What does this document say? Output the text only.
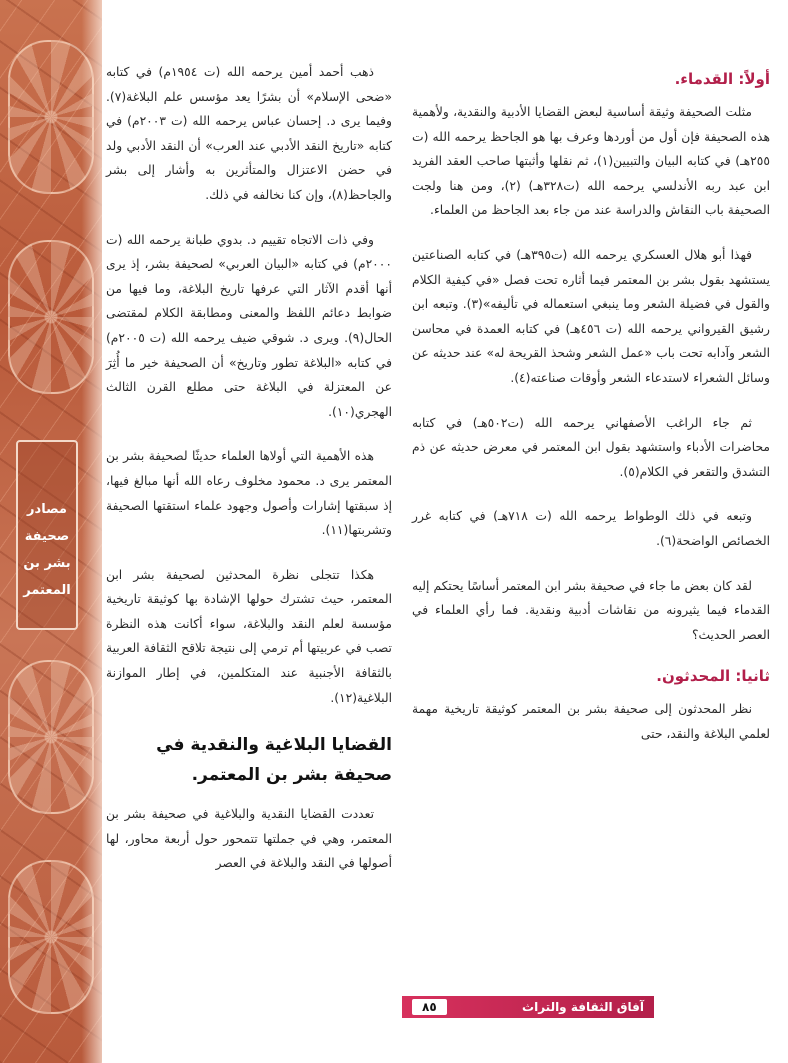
مصادر
صحيفة
بشر بن
المعتمر
أولاً: القدماء.

مثلت الصحيفة وثيقة أساسية لبعض القضايا الأدبية والنقدية، ولأهمية هذه الصحيفة فإن أول من أوردها وعرف بها هو الجاحظ يرحمه الله (ت ٢٥٥هـ) في كتابه البيان والتبيين(١)، ثم نقلها وأثبتها صاحب العقد الفريد ابن عبد ربه الأندلسي يرحمه الله (ت٣٢٨هـ) (٢)، ومن هنا ولجت الصحيفة باب النقاش والدراسة عند من جاء بعد الجاحظ من العلماء.

فهذا أبو هلال العسكري يرحمه الله (ت٣٩٥هـ) في كتابه الصناعتين يستشهد بقول بشر بن المعتمر فيما أثاره تحت فصل «في كيفية الكلام والقول في فضيلة الشعر وما ينبغي استعماله في تأليفه»(٣). وتبعه ابن رشيق القيرواني يرحمه الله (ت ٤٥٦هـ) في كتابه العمدة في محاسن الشعر وآدابه تحت باب «عمل الشعر وشحذ القريحة له» عند حديثه عن وسائل الشعراء لاستدعاء الشعر وأوقات صناعته(٤).

ثم جاء الراغب الأصفهاني يرحمه الله (ت٥٠٢هـ) في كتابه محاضرات الأدباء واستشهد بقول ابن المعتمر في معرض حديثه عن ذم التشدق والتقعر في الكلام(٥).

وتبعه في ذلك الوطواط يرحمه الله (ت ٧١٨هـ) في كتابه غرر الخصائص الواضحة(٦).

لقد كان بعض ما جاء في صحيفة بشر ابن المعتمر أساسًا يحتكم إليه القدماء فيما يثيرونه من نقاشات أدبية ونقدية. فما رأي العلماء في العصر الحديث؟

ثانيا: المحدثون.

نظر المحدثون إلى صحيفة بشر بن المعتمر كوثيقة تاريخية مهمة لعلمي البلاغة والنقد، حتى

ذهب أحمد أمين يرحمه الله (ت ١٩٥٤م) في كتابه «ضحى الإسلام» أن بشرًا يعد مؤسس علم البلاغة(٧). وفيما يرى د. إحسان عباس يرحمه الله (ت ٢٠٠٣م) في كتابه «تاريخ النقد الأدبي عند العرب» أن النقد الأدبي ولد في حضن الاعتزال والمتأثرين به وأشار إلى بشر والجاحظ(٨)، وإن كنا نخالفه في ذلك.

وفي ذات الاتجاه تقييم د. بدوي طبانة يرحمه الله (ت ٢٠٠٠م) في كتابه «البيان العربي» لصحيفة بشر، إذ يرى أنها أقدم الآثار التي عرفها تاريخ البلاغة، وما فيها من ضوابط دعائم اللفظ والمعنى ومطابقة الكلام لمقتضى الحال(٩). ويرى د. شوقي ضيف يرحمه الله (ت ٢٠٠٥م) في كتابه «البلاغة تطور وتاريخ» أن الصحيفة خير ما أُثِرَ عن المعتزلة في البلاغة حتى مطلع القرن الثالث الهجري(١٠).

هذه الأهمية التي أولاها العلماء حديثًا لصحيفة بشر بن المعتمر يرى د. محمود مخلوف رعاه الله أنها مبالغ فيها، إذ سبقتها إشارات وأصول وجهود علماء استقتها الصحيفة وتشربتها(١١).

هكذا تتجلى نظرة المحدثين لصحيفة بشر ابن المعتمر، حيث تشترك حولها الإشادة بها كوثيقة تاريخية مؤسسة لعلم النقد والبلاغة، سواء أكانت هذه النظرة تصب في عربيتها أم ترمي إلى نتيجة تلاقح الثقافة العربية بالثقافة الأجنبية عند المتكلمين، في إطار الموازنة البلاغية(١٢).

القضايا البلاغية والنقدية في صحيفة بشر بن المعتمر.

تعددت القضايا النقدية والبلاغية في صحيفة بشر بن المعتمر، وهي في جملتها تتمحور حول أربعة محاور، لها أصولها في النقد والبلاغة في العصر

آفاق الثقافة والتراث
٨٥
